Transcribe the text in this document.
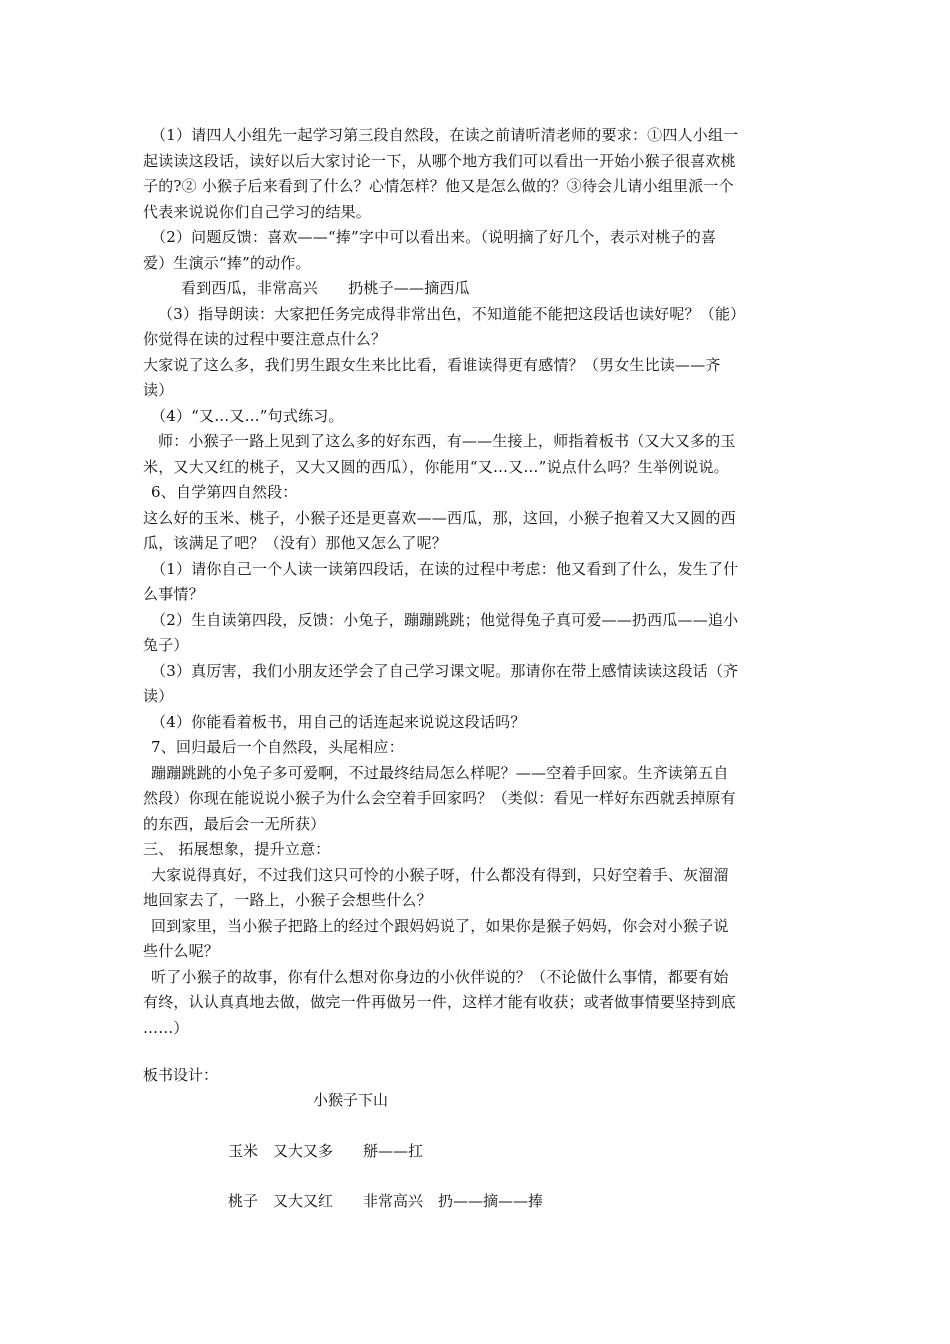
（1）请四人小组先一起学习第三段自然段，在读之前请听清老师的要求：①四人小组一
起读读这段话，读好以后大家讨论一下，从哪个地方我们可以看出一开始小猴子很喜欢桃
子的?② 小猴子后来看到了什么？心情怎样？他又是怎么做的？③待会儿请小组里派一个
代表来说说你们自己学习的结果。
（2）问题反馈：喜欢——“捧”字中可以看出来。（说明摘了好几个，表示对桃子的喜
爱）生演示“捧”的动作。
看到西瓜，非常高兴　　扔桃子——摘西瓜
（3）指导朗读：大家把任务完成得非常出色，不知道能不能把这段话也读好呢？（能）
你觉得在读的过程中要注意点什么？
大家说了这么多，我们男生跟女生来比比看，看谁读得更有感情？（男女生比读——齐
读）
（4）“又…又…”句式练习。
师：小猴子一路上见到了这么多的好东西，有——生接上，师指着板书（又大又多的玉
米，又大又红的桃子，又大又圆的西瓜），你能用“又…又…”说点什么吗？生举例说说。
6、自学第四自然段：
这么好的玉米、桃子，小猴子还是更喜欢——西瓜，那，这回，小猴子抱着又大又圆的西
瓜，该满足了吧？（没有）那他又怎么了呢？
（1）请你自己一个人读一读第四段话，在读的过程中考虑：他又看到了什么，发生了什
么事情？
（2）生自读第四段，反馈：小兔子，蹦蹦跳跳；他觉得兔子真可爱——扔西瓜——追小
兔子）
（3）真厉害，我们小朋友还学会了自己学习课文呢。那请你在带上感情读读这段话（齐
读）
（4）你能看着板书，用自己的话连起来说说这段话吗？
7、回归最后一个自然段，头尾相应：
蹦蹦跳跳的小兔子多可爱啊，不过最终结局怎么样呢？——空着手回家。生齐读第五自
然段）你现在能说说小猴子为什么会空着手回家吗？（类似：看见一样好东西就丢掉原有
的东西，最后会一无所获）
三、 拓展想象，提升立意：
大家说得真好，不过我们这只可怜的小猴子呀，什么都没有得到，只好空着手、灰溜溜
地回家去了，一路上，小猴子会想些什么？
回到家里，当小猴子把路上的经过个跟妈妈说了，如果你是猴子妈妈，你会对小猴子说
些什么呢？
听了小猴子的故事，你有什么想对你身边的小伙伴说的？（不论做什么事情，都要有始
有终，认认真真地去做，做完一件再做另一件，这样才能有收获；或者做事情要坚持到底
……）
板书设计：
小猴子下山
玉米　又大又多　　掰——扛
桃子　又大又红　　非常高兴　扔——摘——捧
